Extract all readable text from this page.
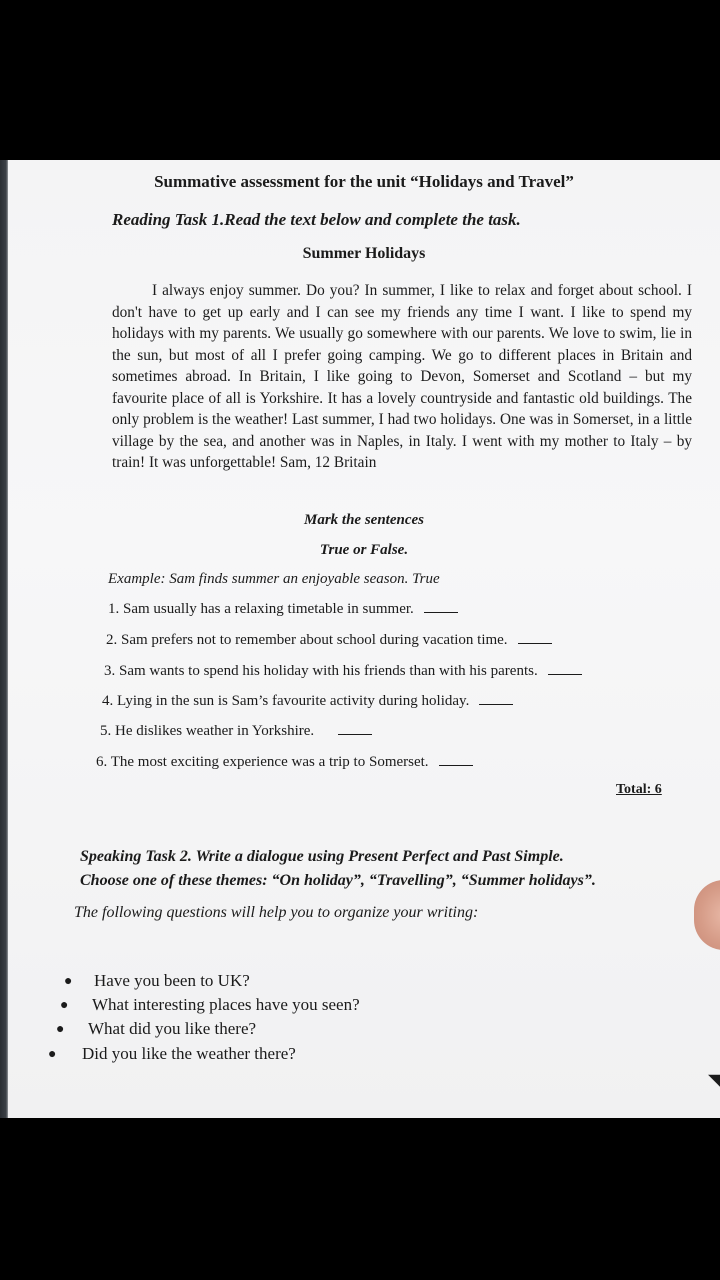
Summative assessment for the unit “Holidays and Travel”
Reading Task 1.Read the text below and complete the task.
Summer Holidays
I always enjoy summer. Do you? In summer, I like to relax and forget about school. I don't have to get up early and I can see my friends any time I want. I like to spend my holidays with my parents. We usually go somewhere with our parents. We love to swim, lie in the sun, but most of all I prefer going camping. We go to different places in Britain and sometimes abroad. In Britain, I like going to Devon, Somerset and Scotland – but my favourite place of all is Yorkshire. It has a lovely countryside and fantastic old buildings. The only problem is the weather! Last summer, I had two holidays. One was in Somerset, in a little village by the sea, and another was in Naples, in Italy. I went with my mother to Italy – by train! It was unforgettable! Sam, 12 Britain
Mark the sentences
True or False.
Example: Sam finds summer an enjoyable season. True
1. Sam usually has a relaxing timetable in summer.
2. Sam prefers not to remember about school during vacation time.
3. Sam wants to spend his holiday with his friends than with his parents.
4. Lying in the sun is Sam’s favourite activity during holiday.
5. He dislikes weather in Yorkshire.
6. The most exciting experience was a trip to Somerset.
Total: 6
Speaking Task 2. Write a dialogue using Present Perfect and Past Simple.
Choose one of these themes: “On holiday”, “Travelling”, “Summer holidays”.
The following questions will help you to organize your writing:
● Have you been to UK?
● What interesting places have you seen?
● What did you like there?
● Did you like the weather there?
◥
